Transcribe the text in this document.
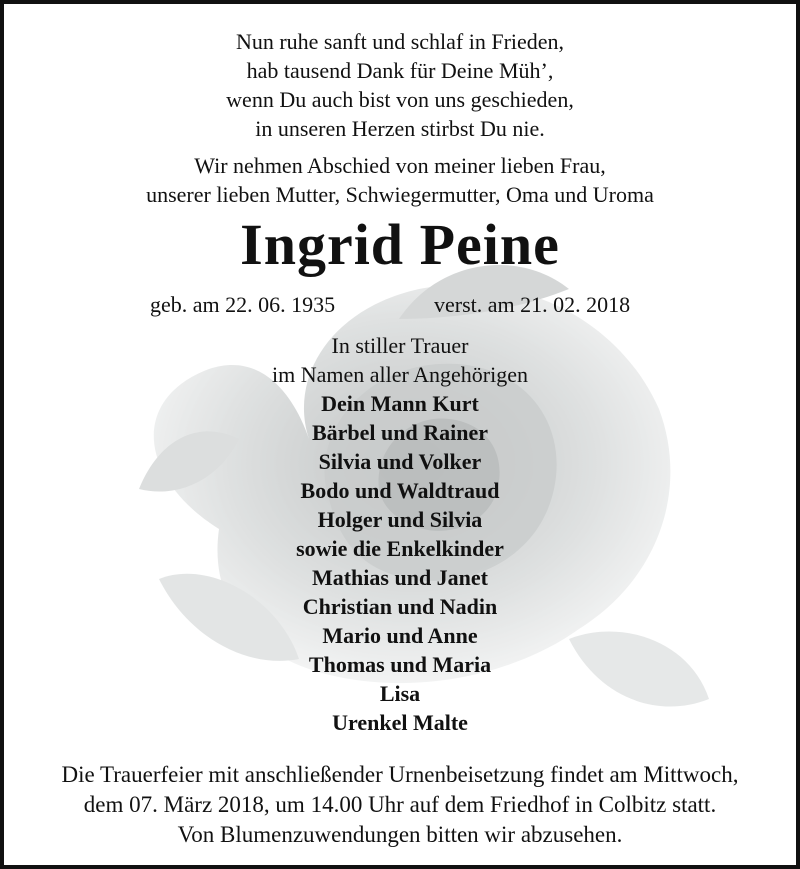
Nun ruhe sanft und schlaf in Frieden,
hab tausend Dank für Deine Müh’,
wenn Du auch bist von uns geschieden,
in unseren Herzen stirbst Du nie.
Wir nehmen Abschied von meiner lieben Frau,
unserer lieben Mutter, Schwiegermutter, Oma und Uroma
Ingrid Peine
geb. am 22. 06. 1935	verst. am 21. 02. 2018
In stiller Trauer
im Namen aller Angehörigen
Dein Mann Kurt
Bärbel und Rainer
Silvia und Volker
Bodo und Waldtraud
Holger und Silvia
sowie die Enkelkinder
Mathias und Janet
Christian und Nadin
Mario und Anne
Thomas und Maria
Lisa
Urenkel Malte
Die Trauerfeier mit anschließender Urnenbeisetzung findet am Mittwoch,
dem 07. März 2018, um 14.00 Uhr auf dem Friedhof in Colbitz statt.
Von Blumenzuwendungen bitten wir abzusehen.
